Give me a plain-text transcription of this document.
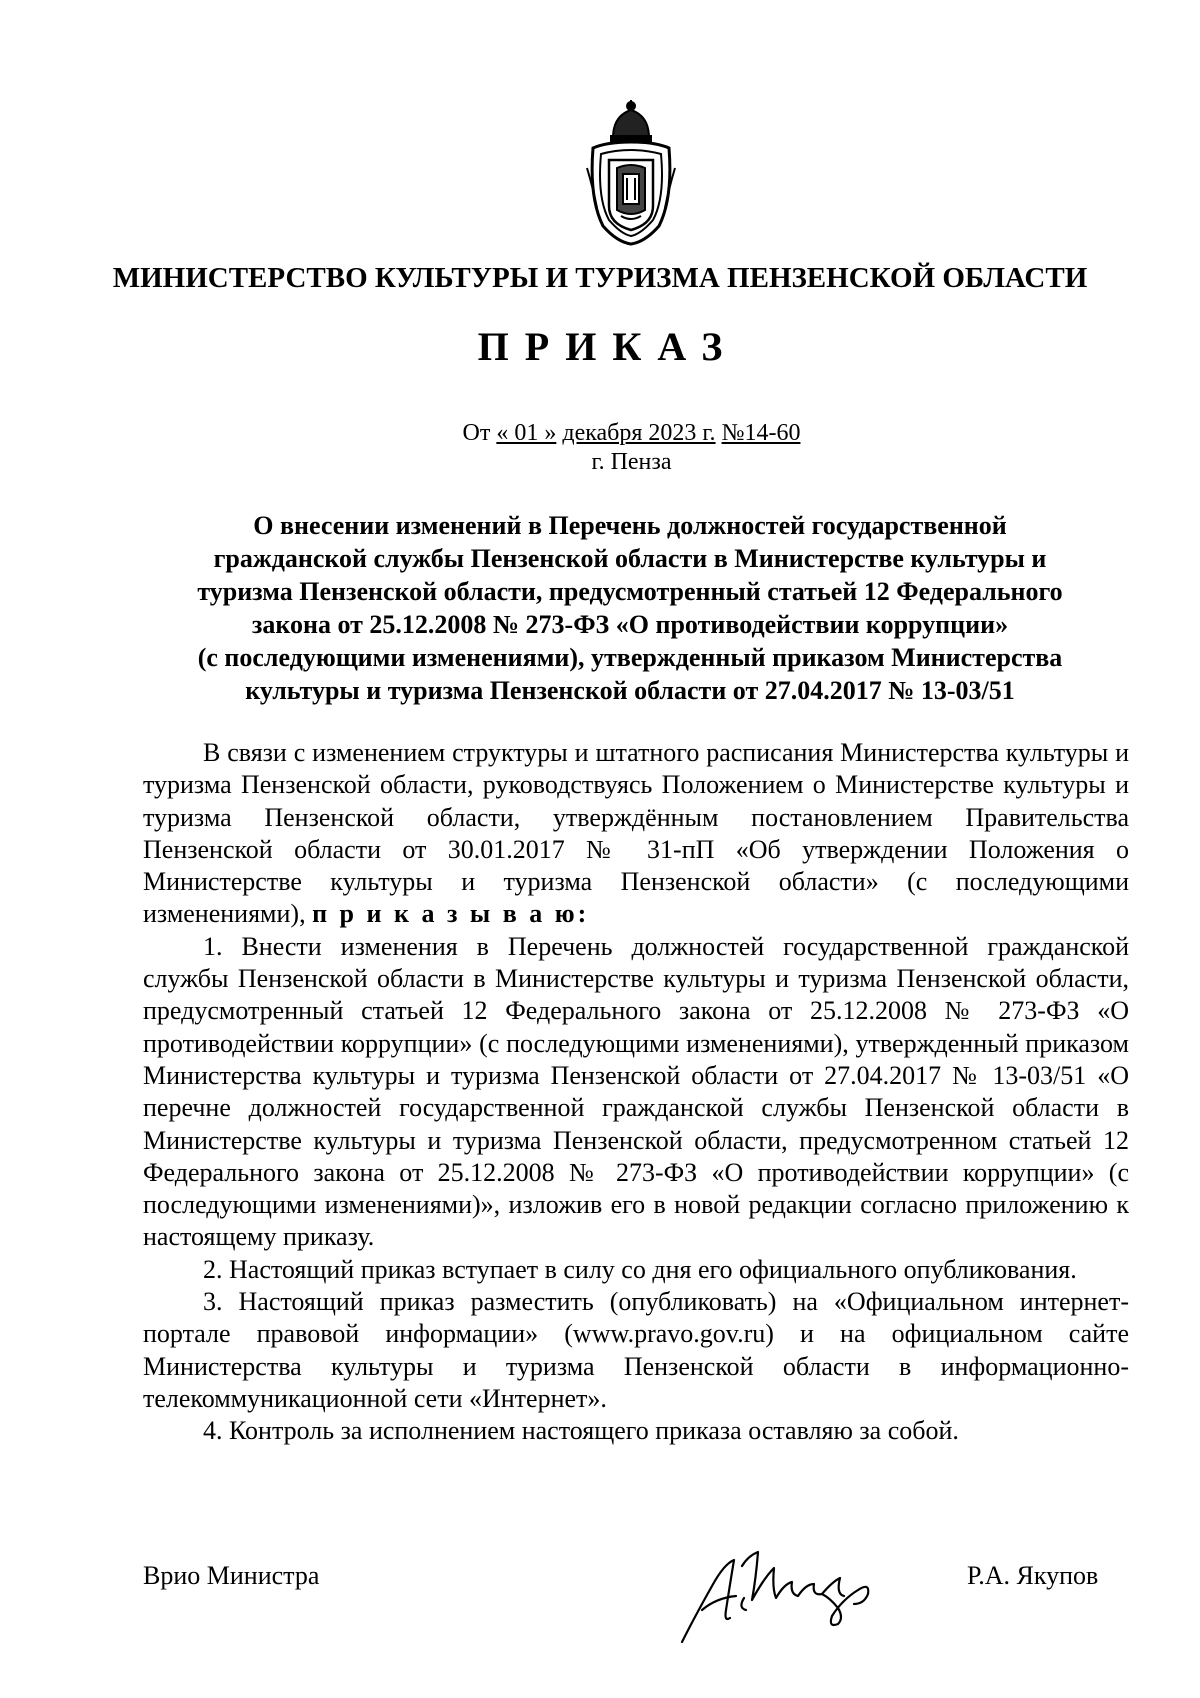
МИНИСТЕРСТВО КУЛЬТУРЫ И ТУРИЗМА ПЕНЗЕНСКОЙ ОБЛАСТИ
ПРИКАЗ
От « 01 » декабря 2023 г. №14-60
г. Пенза
О внесении изменений в Перечень должностей государственной
гражданской службы Пензенской области в Министерстве культуры и
туризма Пензенской области, предусмотренный статьей 12 Федерального
закона от 25.12.2008 № 273-ФЗ «О противодействии коррупции»
(с последующими изменениями), утвержденный приказом Министерства
культуры и туризма Пензенской области от 27.04.2017 № 13-03/51

В связи с изменением структуры и штатного расписания Министерства культуры и туризма Пензенской области, руководствуясь Положением о Министерстве культуры и туризма Пензенской области, утверждённым постановлением Правительства Пензенской области от 30.01.2017 № 31-пП «Об утверждении Положения о Министерстве культуры и туризма Пензенской области» (с последующими изменениями), п р и к а з ы в а ю:

1. Внести изменения в Перечень должностей государственной гражданской службы Пензенской области в Министерстве культуры и туризма Пензенской области, предусмотренный статьей 12 Федерального закона от 25.12.2008 № 273-ФЗ «О противодействии коррупции» (с последующими изменениями), утвержденный приказом Министерства культуры и туризма Пензенской области от 27.04.2017 № 13-03/51 «О перечне должностей государственной гражданской службы Пензенской области в Министерстве культуры и туризма Пензенской области, предусмотренном статьей 12 Федерального закона от 25.12.2008 № 273-ФЗ «О противодействии коррупции» (с последующими изменениями)», изложив его в новой редакции согласно приложению к настоящему приказу.

2. Настоящий приказ вступает в силу со дня его официального опубликования.

3. Настоящий приказ разместить (опубликовать) на «Официальном интернет-портале правовой информации» (www.pravo.gov.ru) и на официальном сайте Министерства культуры и туризма Пензенской области в информационно-телекоммуникационной сети «Интернет».

4. Контроль за исполнением настоящего приказа оставляю за собой.

Врио Министра	Р.А. Якупов
